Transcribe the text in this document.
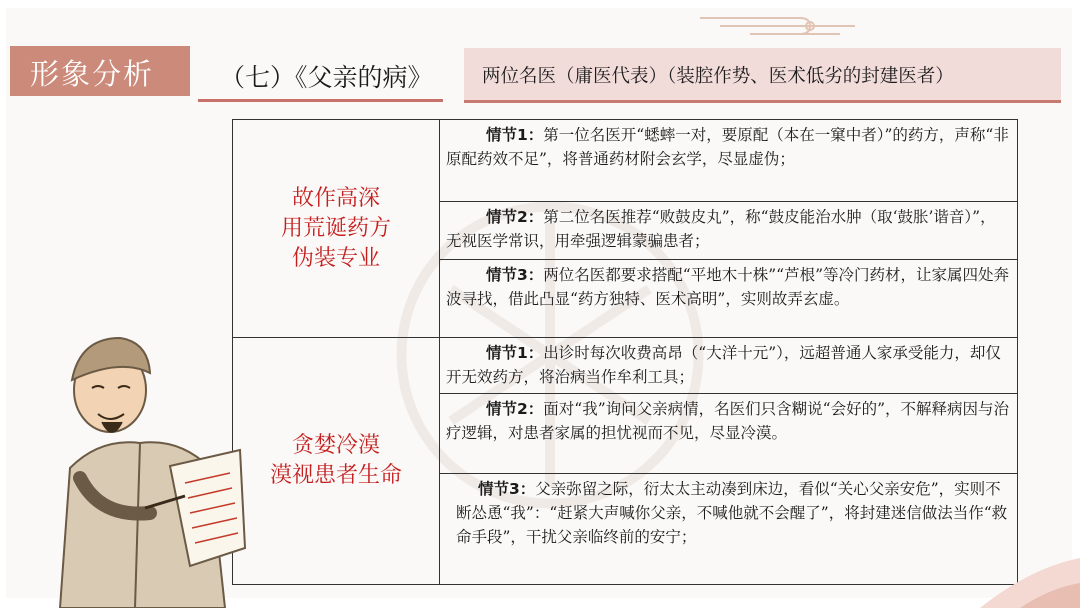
形象分析	（七）《父亲的病》	两位名医（庸医代表）（装腔作势、医术低劣的封建医者）
故作高深
用荒诞药方
伪装专业	情节1：第一位名医开“蟋蟀一对，要原配（本在一窠中者）”的药方，声称“非原配药效不足”，将普通药材附会玄学，尽显虚伪；
	情节2：第二位名医推荐“败鼓皮丸”，称“鼓皮能治水肿（取‘鼓胀’谐音）”，无视医学常识，用牵强逻辑蒙骗患者；
	情节3：两位名医都要求搭配“平地木十株”“芦根”等冷门药材，让家属四处奔波寻找，借此凸显“药方独特、医术高明”，实则故弄玄虚。

贪婪冷漠
漠视患者生命	情节1：出诊时每次收费高昂（“大洋十元”），远超普通人家承受能力，却仅开无效药方，将治病当作牟利工具；
	情节2：面对“我”询问父亲病情，名医们只含糊说“会好的”，不解释病因与治疗逻辑，对患者家属的担忧视而不见，尽显冷漠。
	情节3：父亲弥留之际，衍太太主动凑到床边，看似“关心父亲安危”，实则不断怂恿“我”：“赶紧大声喊你父亲，不喊他就不会醒了”，将封建迷信做法当作“救命手段”，干扰父亲临终前的安宁；
